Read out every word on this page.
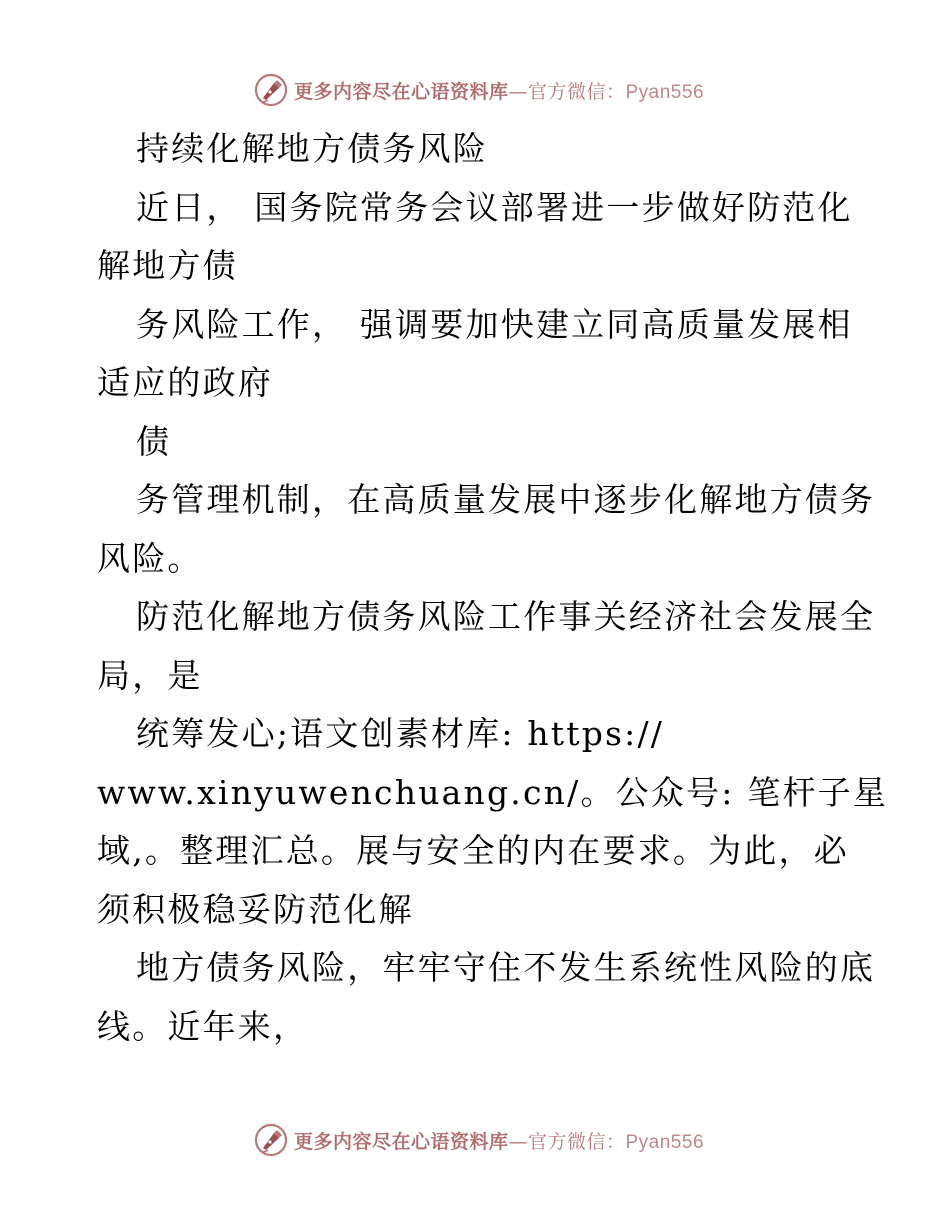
更多内容尽在心语资料库—官方微信：Pyan556
持续化解地方债务风险
近日， 国务院常务会议部署进一步做好防范化
解地方债
务风险工作， 强调要加快建立同高质量发展相
适应的政府
债
务管理机制，在高质量发展中逐步化解地方债务
风险。
防范化解地方债务风险工作事关经济社会发展全
局，是
统筹发心;语文创素材库: https://
www.xinyuwenchuang.cn/。公众号: 笔杆子星
域,。整理汇总。展与安全的内在要求。为此，必
须积极稳妥防范化解
地方债务风险，牢牢守住不发生系统性风险的底
线。近年来，
更多内容尽在心语资料库—官方微信：Pyan556
